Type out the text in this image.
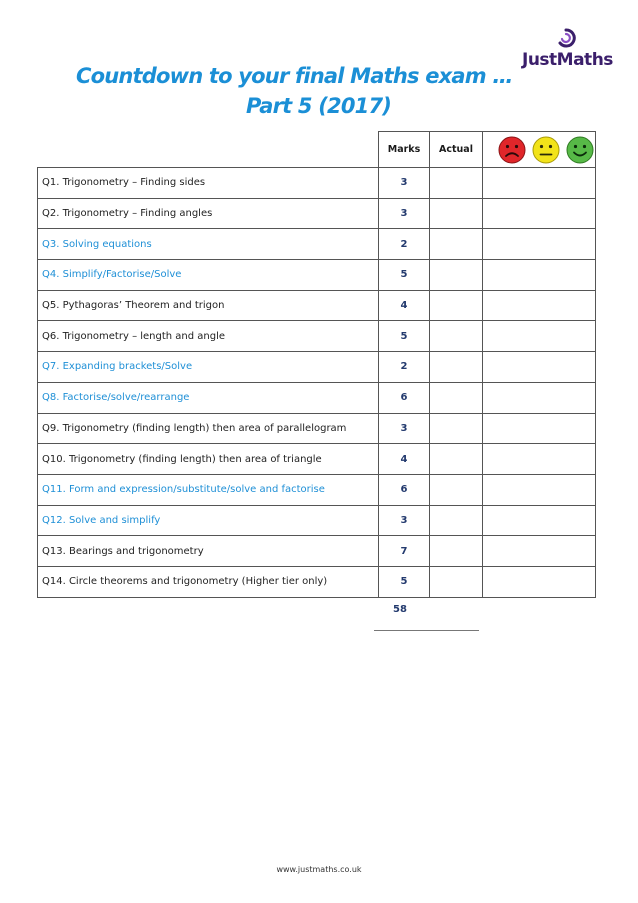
JustMaths
Countdown to your final Maths exam …
Part 5 (2017)
	Marks	Actual	

Q1. Trigonometry – Finding sides	3		
Q2. Trigonometry – Finding angles	3		
Q3. Solving equations	2		
Q4. Simplify/Factorise/Solve	5		
Q5. Pythagoras’ Theorem and trigon	4		
Q6. Trigonometry – length and angle	5		
Q7. Expanding brackets/Solve	2		
Q8. Factorise/solve/rearrange	6		
Q9. Trigonometry (finding length) then area of parallelogram	3		
Q10. Trigonometry (finding length) then area of triangle	4		
Q11. Form and expression/substitute/solve and factorise	6		
Q12. Solve and simplify	3		
Q13. Bearings and trigonometry	7		
Q14. Circle theorems and trigonometry (Higher tier only)	5		
58
www.justmaths.co.uk
